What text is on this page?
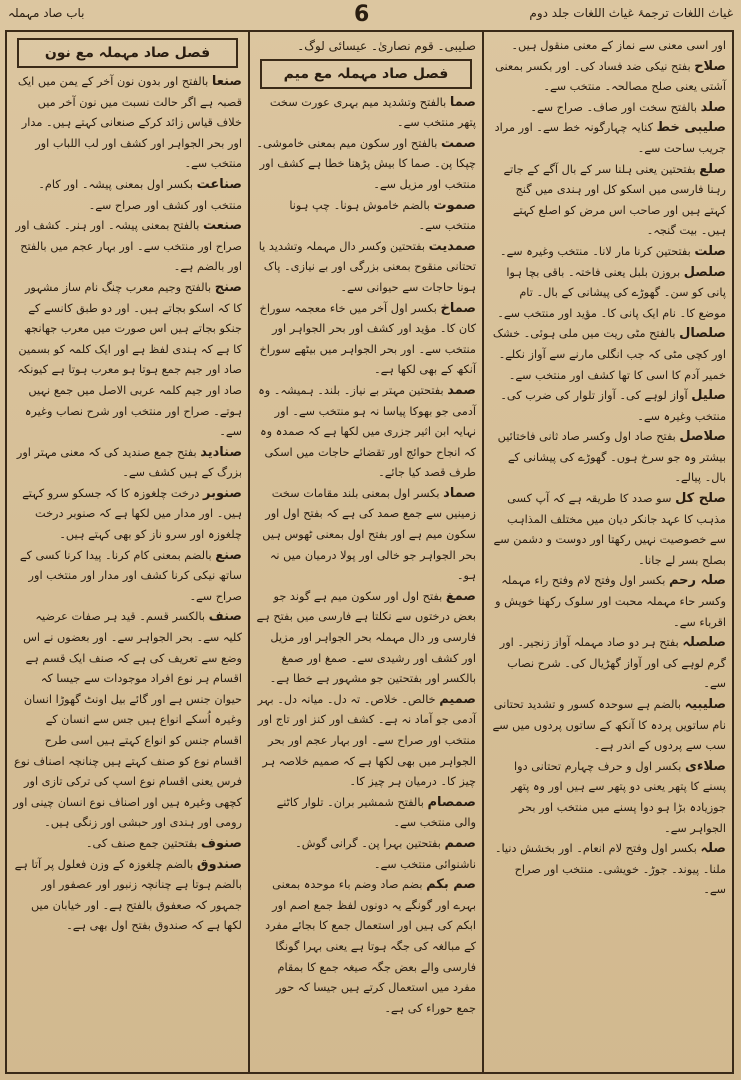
باب صاد مہملہ	6	غیاث اللغات ترجمۂ غیاث اللغات جلد دوم

اور اسی معنی سے نماز کے معنی منقول ہیں۔

صلاح بفتح نیکی ضد فساد کی۔ اور بکسر بمعنی آشتی یعنی صلح مصالحہ۔ منتخب سے۔

صلد بالفتح سخت اور صاف۔ صراح سے۔

صلیبی خط کنایہ چہارگونہ خط سے۔ اور مراد جریب ساحت سے۔

صلع بفتحتین یعنی ہلنا سر کے بال آگے کے جاتے رہنا فارسی میں اسکو کل اور ہندی میں گنج کہتے ہیں اور صاحب اس مرض کو اصلع کہتے ہیں۔ بیت گنجہ۔

صلت بفتحتین کرنا مار لانا۔ منتخب وغیرہ سے۔

صلصل بروزن بلبل یعنی فاختہ۔ باقی بچا ہوا پانی کو سن۔ گھوڑے کی پیشانی کے بال۔ تام موضع کا۔ نام ایک پانی کا۔ مؤید اور منتخب سے۔

صلصال بالفتح مٹی ریت میں ملی ہوئی۔ خشک اور کچی مٹی کہ جب انگلی مارنے سے آواز نکلے۔ خمیر آدم کا اسی کا تھا کشف اور منتخب سے۔

صلیل آواز لوہے کی۔ آواز تلوار کی ضرب کی۔ منتخب وغیرہ سے۔

صلاصل بفتح صاد اول وکسر صاد ثانی فاختائیں بیشتر وہ جو سرخ ہوں۔ گھوڑے کی پیشانی کے بال۔ پیالے۔

صلح کل سو صدد کا طریقہ ہے کہ آپ کسی مذہب کا عہد جانکر دیان میں مختلف المذاہب سے خصوصیت نہیں رکھتا اور دوست و دشمن سے بصلح بسر لے جانا۔

صلہ رحم بکسر اول وفتح لام وفتح راء مہملہ وکسر حاء مہملہ محبت اور سلوک رکھنا خویش و اقرباء سے۔

صلصلہ بفتح ہر دو صاد مہملہ آواز زنجیر۔ اور گرم لوہے کی اور آواز گھڑیال کی۔ شرح نصاب سے۔

صلیبیہ بالضم ہے سوحدہ کسور و تشدید تحتانی نام ساتویں پردہ کا آنکھ کے ساتوں پردوں میں سے سب سے پردوں کے اندر ہے۔

صلاءی بکسر اول و حرف چہارم تحتانی دوا پسنے کا پتھر یعنی دو پتھر سے ہیں اور وہ پتھر جوزیادہ بڑا ہو دوا پسنے میں منتخب اور بحر الجواہر سے۔

صلہ بکسر اول وفتح لام انعام۔ اور بخشش دنیا۔ ملنا۔ پیوند۔ جوڑ۔ خویشی۔ منتخب اور صراح سے۔

صلیبی۔ قوم نصاریٰ۔ عیسائی لوگ۔
فصل صاد مہملہ مع میم

صما بالفتح وتشدید میم بہری عورت سخت پتھر منتخب سے۔

صمت بالفتح اور سکون میم بمعنی خاموشی۔ چپکا پن۔ صما کا بیش پڑھنا خطا ہے کشف اور منتخب اور مزیل سے۔

صموت بالضم خاموش ہونا۔ چپ ہونا منتخب سے۔

صمدیت بفتحتین وکسر دال مہملہ وتشدید یا تحتانی منقوح بمعنی بزرگی اور بے نیازی۔ پاک ہونا حاجات سے حیوانی سے۔

صماخ بکسر اول آخر میں خاء معجمہ سوراخ کان کا۔ مؤید اور کشف اور بحر الجواہر اور منتخب سے۔ اور بحر الجواہر میں بیٹھے سوراخ آنکھ کے بھی لکھا ہے۔

صمد بفتحتین مہتر بے نیاز۔ بلند۔ ہمیشہ۔ وہ آدمی جو بھوکا پیاسا نہ ہو منتخب سے۔ اور نہایہ ابن اثیر جزری میں لکھا ہے کہ صمدہ وہ کہ انجاح حوائج اور تقضائے حاجات میں اسکی طرف قصد کیا جائے۔

صماد بکسر اول بمعنی بلند مقامات سخت زمینیں سے جمع صمد کی ہے کہ بفتح اول اور سکون میم ہے اور بفتح اول بمعنی ٹھوس ہیں بحر الجواہر جو خالی اور پولا درمیان میں نہ ہو۔

صمغ بفتح اول اور سکون میم ہے گوند جو بعض درختوں سے نکلتا ہے فارسی میں بفتح ہے فارسی ور دال مہملہ بحر الجواہر اور مزیل اور کشف اور رشیدی سے۔ صمغ اور صمغ بالکسر اور بفتحتین جو مشہور ہے خطا ہے۔

صمیم خالص۔ خلاص۔ تہ دل۔ میانہ دل۔ بہر آدمی جو آماد نہ ہے۔ کشف اور کنز اور تاج اور منتخب اور صراح سے۔ اور بہار عجم اور بحر الجواہر میں بھی لکھا ہے کہ صمیم خلاصہ ہر چیز کا۔ درمیان ہر چیز کا۔

صمصام بالفتح شمشیر بران۔ تلوار کاٹنے والی منتخب سے۔

صمم بفتحتین بہرا پن۔ گرانی گوش۔ ناشنوائی منتخب سے۔

صم بکم بضم صاد وضم باء موحدہ بمعنی بہرے اور گونگے یہ دونوں لفظ جمع اصم اور ابکم کی ہیں اور استعمال جمع کا بجائے مفرد کے مبالغہ کی جگہ ہوتا ہے یعنی بہرا گونگا فارسی والے بعض جگہ صیغہ جمع کا بمقام مفرد میں استعمال کرتے ہیں جیسا کہ حور جمع حوراء کی ہے۔

فصل صاد مہملہ مع نون

صنعا بالفتح اور بدون نون آخر کے یمن میں ایک قصبہ ہے اگر حالت نسبت میں نون آخر میں خلاف قیاس زائد کرکے صنعانی کہتے ہیں۔ مدار اور بحر الجواہر اور کشف اور لب اللباب اور منتخب سے۔

صناعت بکسر اول بمعنی پیشہ۔ اور کام۔ منتخب اور کشف اور صراح سے۔

صنعت بالفتح بمعنی پیشہ۔ اور ہنر۔ کشف اور صراح اور منتخب سے۔ اور بہار عجم میں بالفتح اور بالضم ہے۔

صنج بالفتح وجیم معرب چنگ نام ساز مشہور کا کہ اسکو بجاتے ہیں۔ اور دو طبق کانسے کے جنکو بجاتے ہیں اس صورت میں معرب جھانجھ کا ہے کہ ہندی لفظ ہے اور ایک کلمہ کو بسمین صاد اور جیم جمع ہوتا ہو معرب ہوتا ہے کیونکہ صاد اور جیم کلمہ عربی الاصل میں جمع نہیں ہوتے۔ صراح اور منتخب اور شرح نصاب وغیرہ سے۔

صنادید بفتح جمع صندید کی کہ معنی مہتر اور بزرگ کے ہیں کشف سے۔

صنوبر درخت چلغوزہ کا کہ جسکو سرو کہتے ہیں۔ اور مدار میں لکھا ہے کہ صنوبر درخت چلغوزہ اور سرو ناز کو بھی کہتے ہیں۔

صنع بالضم بمعنی کام کرنا۔ پیدا کرنا کسی کے ساتھ نیکی کرنا کشف اور مدار اور منتخب اور صراح سے۔

صنف بالکسر قسم۔ قید ہر صفات عرضیہ کلیہ سے۔ بحر الجواہر سے۔ اور بعضوں نے اس وضع سے تعریف کی ہے کہ صنف ایک قسم ہے اقسام ہر نوع افراد موجودات سے جیسا کہ حیوان جنس ہے اور گائے بیل اونٹ گھوڑا انسان وغیرہ اُسکے انواع ہیں جس سے انسان کے اقسام جنس کو انواع کہتے ہیں اسی طرح اقسام نوع کو صنف کہتے ہیں چنانچہ اصناف نوع فرس یعنی اقسام نوع اسپ کی ترکی تازی اور کچھی وغیرہ ہیں اور اصناف نوع انسان چینی اور رومی اور ہندی اور حبشی اور زنگی ہیں۔

صنوف بفتحتین جمع صنف کی۔

صندوق بالضم چلغوزہ کے وزن فعلول پر آتا ہے بالضم ہوتا ہے چنانچہ زنبور اور عصفور اور جمہور کہ صعفوق بالفتح ہے۔ اور خیابان میں لکھا ہے کہ صندوق بفتح اول بھی ہے۔
